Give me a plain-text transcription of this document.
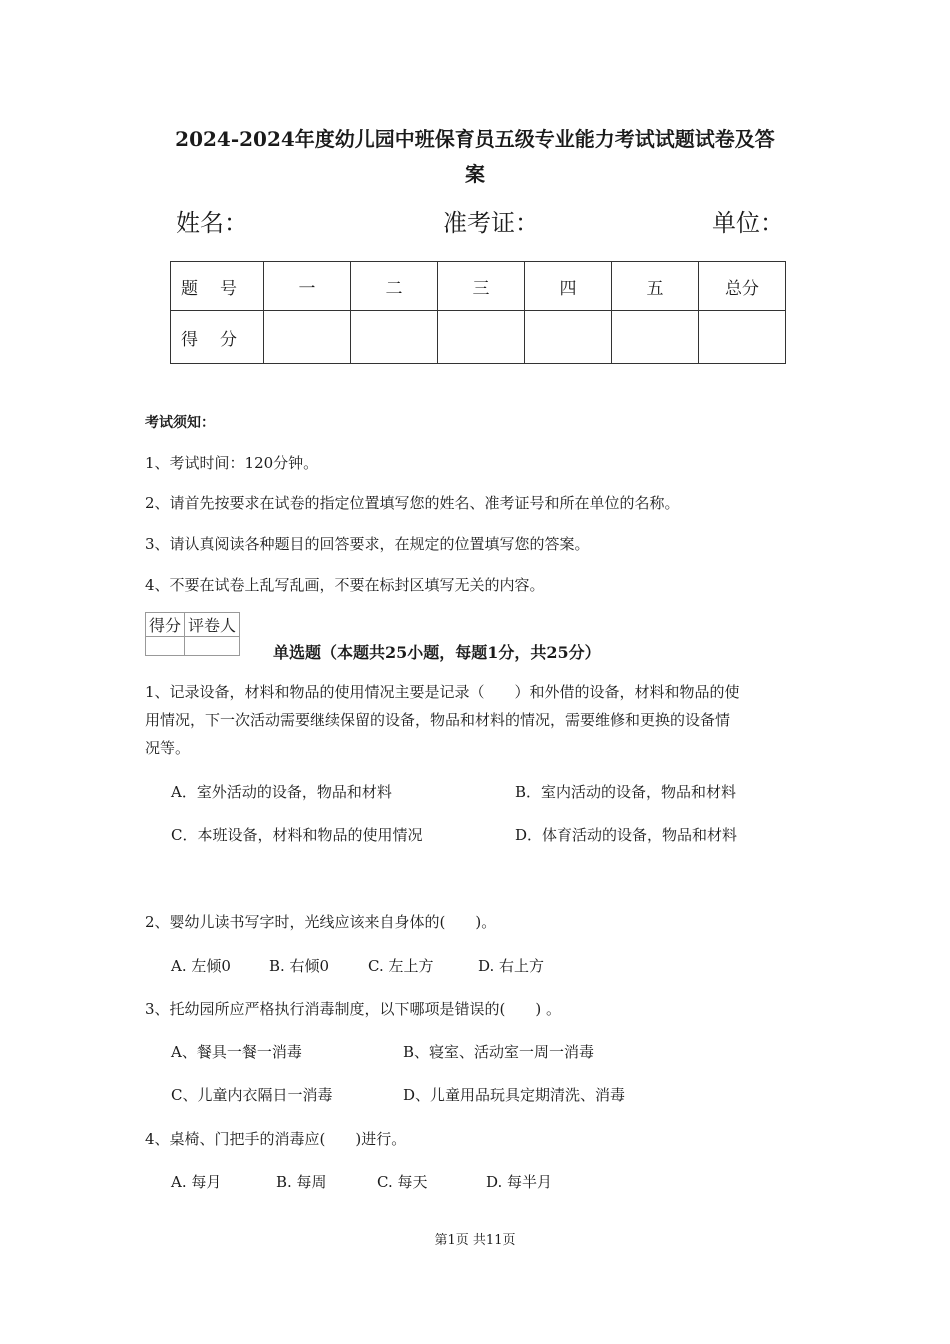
2024-2024年度幼儿园中班保育员五级专业能力考试试题试卷及答
案
姓名：	准考证：	单位：
题号	一	二	三	四	五	总分
得分						
考试须知：
1、考试时间：120分钟。
2、请首先按要求在试卷的指定位置填写您的姓名、准考证号和所在单位的名称。
3、请认真阅读各种题目的回答要求，在规定的位置填写您的答案。
4、不要在试卷上乱写乱画，不要在标封区填写无关的内容。
得分	评卷人

单选题（本题共25小题，每题1分，共25分）
1、记录设备，材料和物品的使用情况主要是记录（　　）和外借的设备，材料和物品的使
用情况，下一次活动需要继续保留的设备，物品和材料的情况，需要维修和更换的设备情
况等。
A．室外活动的设备，物品和材料	B．室内活动的设备，物品和材料
C．本班设备，材料和物品的使用情况	D．体育活动的设备，物品和材料
2、婴幼儿读书写字时，光线应该来自身体的(　　)。
A. 左倾0	B. 右倾0	C. 左上方	D. 右上方
3、托幼园所应严格执行消毒制度，以下哪项是错误的(　　) 。
A、餐具一餐一消毒	B、寝室、活动室一周一消毒
C、儿童内衣隔日一消毒	D、儿童用品玩具定期清洗、消毒
4、桌椅、门把手的消毒应(　　)进行。
A. 每月	B. 每周	C. 每天	D. 每半月
第1页 共11页
